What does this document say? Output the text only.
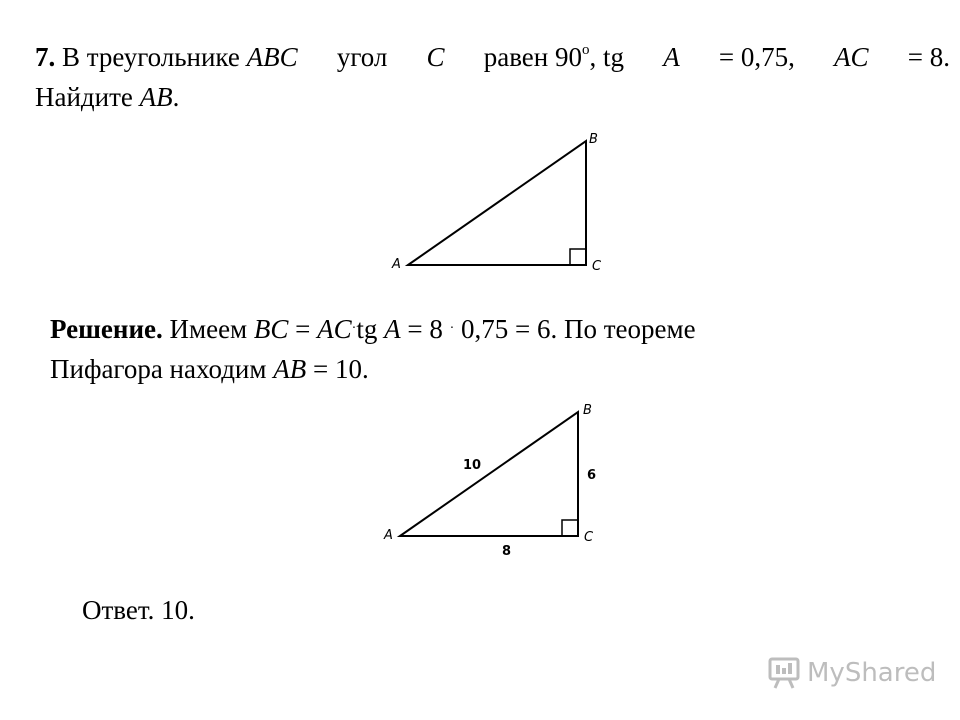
7. В треугольнике ABC угол C равен $90^о$, tg A = 0,75, AC = 8.
Найдите AB.
A
B
C
A
B
C
10
6
8
Решение. Имеем BC = AC·tg A = 8 · 0,75 = 6. По теореме
Пифагора находим AB = 10.
Ответ. 10.
MyShared
